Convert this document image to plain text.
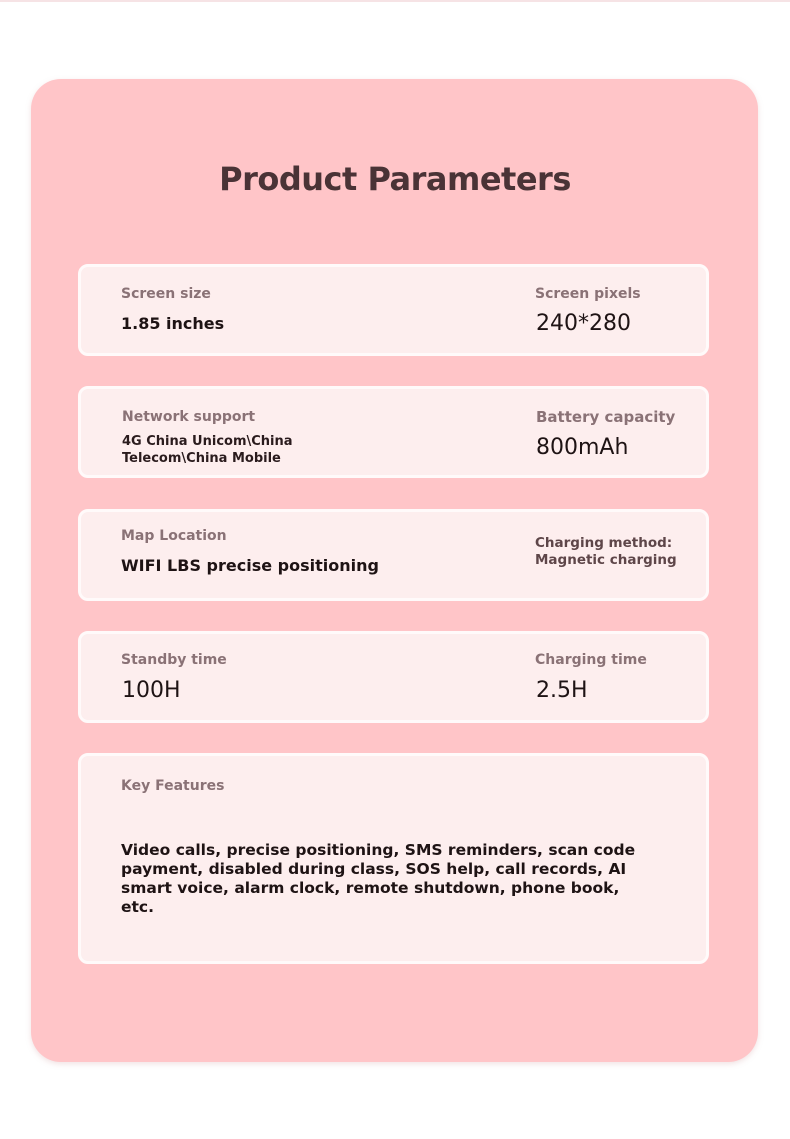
Product Parameters
Screen size
1.85 inches
Screen pixels
240*280
Network support
4G China Unicom\China Telecom\China Mobile
Battery capacity
800mAh
Map Location
WIFI LBS precise positioning
Charging method:
Magnetic charging
Standby time
100H
Charging time
2.5H
Key Features
Video calls, precise positioning, SMS reminders, scan code payment, disabled during class, SOS help, call records, AI smart voice, alarm clock, remote shutdown, phone book, etc.
